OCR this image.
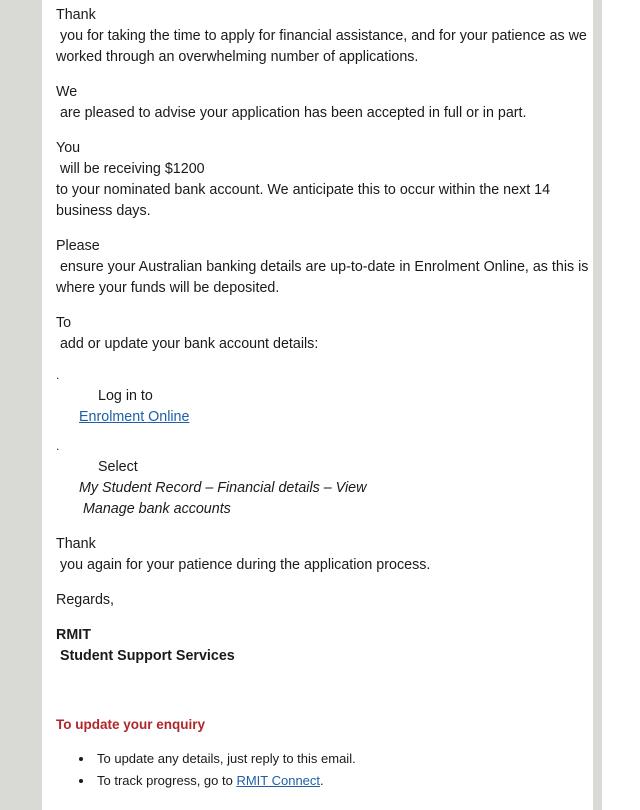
Thank
you for taking the time to apply for financial assistance, and for your patience as we
worked through an overwhelming number of applications.
We
are pleased to advise your application has been accepted in full or in part.
You
will be receiving $1200
to your nominated bank account. We anticipate this to occur within the next 14
business days.
Please
ensure your Australian banking details are up-to-date in Enrolment Online, as this is
where your funds will be deposited.
To
add or update your bank account details:
.
Log in to
Enrolment Online
.
Select
My Student Record – Financial details – View
Manage bank accounts
Thank
you again for your patience during the application process.
Regards,
RMIT
Student Support Services
To update your enquiry
• To update any details, just reply to this email.
• To track progress, go to RMIT Connect.
